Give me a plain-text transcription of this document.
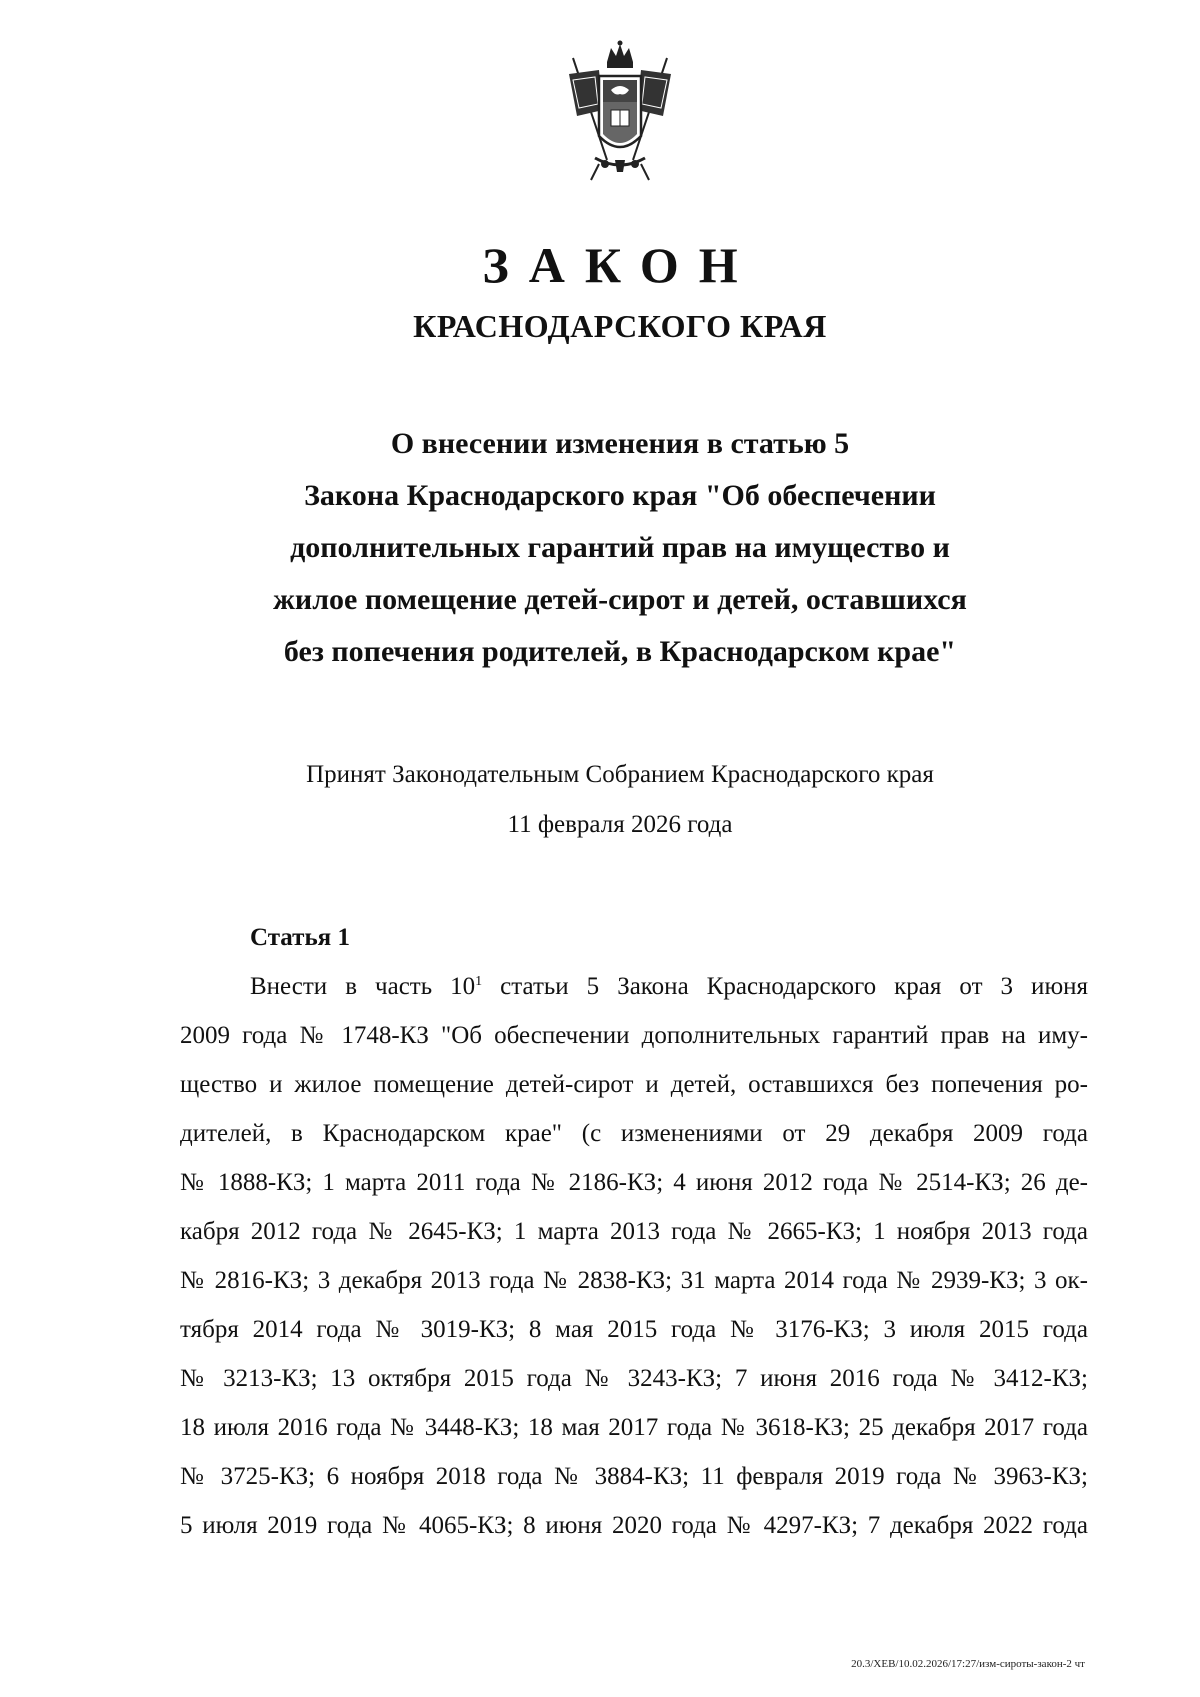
ЗАКОН
КРАСНОДАРСКОГО КРАЯ
О внесении изменения в статью 5
Закона Краснодарского края "Об обеспечении
дополнительных гарантий прав на имущество и
жилое помещение детей-сирот и детей, оставшихся
без попечения родителей, в Краснодарском крае"
Принят Законодательным Собранием Краснодарского края
11 февраля 2026 года
Статья 1
Внести в часть $10^1$ статьи 5 Закона Краснодарского края от 3 июня
2009 года № 1748-КЗ "Об обеспечении дополнительных гарантий прав на иму-
щество и жилое помещение детей-сирот и детей, оставшихся без попечения ро-
дителей, в Краснодарском крае" (с изменениями от 29 декабря 2009 года
№ 1888-КЗ; 1 марта 2011 года № 2186-КЗ; 4 июня 2012 года № 2514-КЗ; 26 де-
кабря 2012 года № 2645-КЗ; 1 марта 2013 года № 2665-КЗ; 1 ноября 2013 года
№ 2816-КЗ; 3 декабря 2013 года № 2838-КЗ; 31 марта 2014 года № 2939-КЗ; 3 ок-
тября 2014 года № 3019-КЗ; 8 мая 2015 года № 3176-КЗ; 3 июля 2015 года
№ 3213-КЗ; 13 октября 2015 года № 3243-КЗ; 7 июня 2016 года № 3412-КЗ;
18 июля 2016 года № 3448-КЗ; 18 мая 2017 года № 3618-КЗ; 25 декабря 2017 года
№ 3725-КЗ; 6 ноября 2018 года № 3884-КЗ; 11 февраля 2019 года № 3963-КЗ;
5 июля 2019 года № 4065-КЗ; 8 июня 2020 года № 4297-КЗ; 7 декабря 2022 года
20.3/ХЕВ/10.02.2026/17:27/изм-сироты-закон-2 чт
